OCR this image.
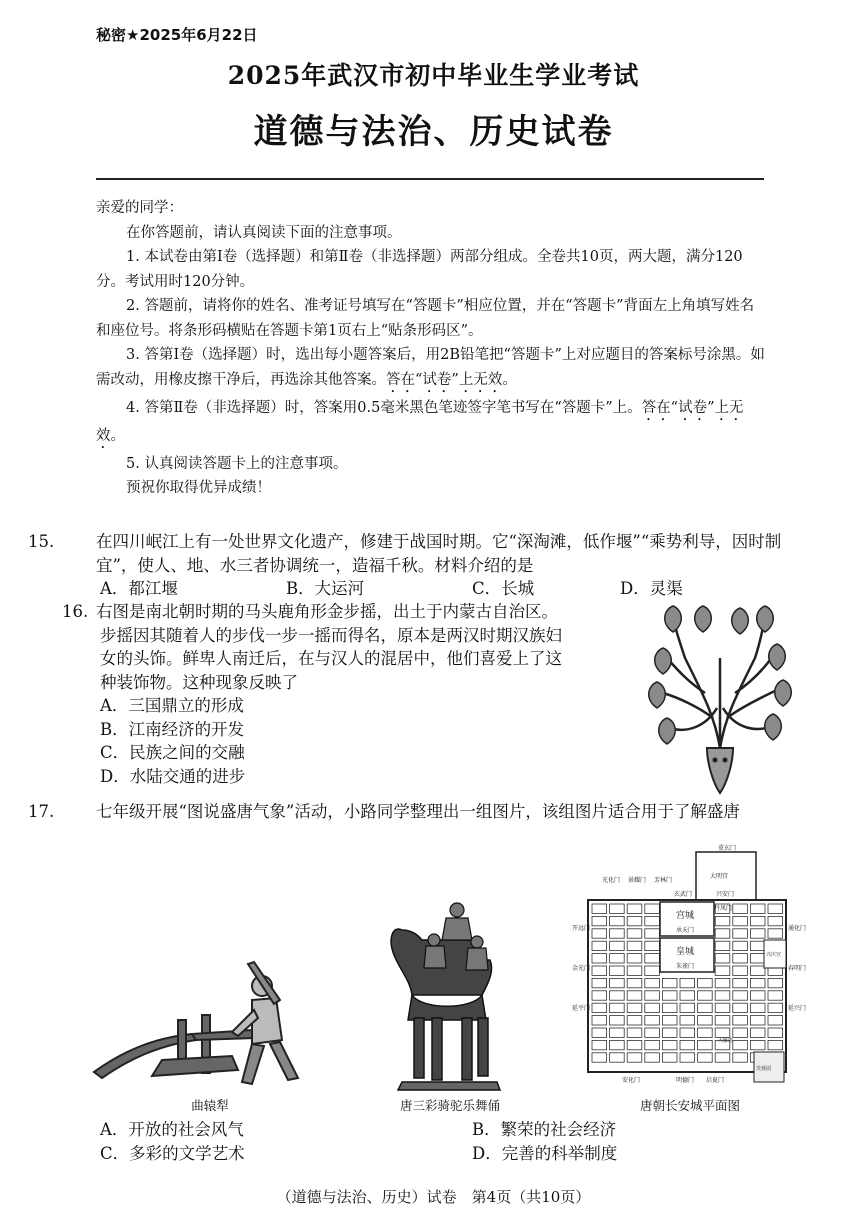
秘密★2025年6月22日
2025年武汉市初中毕业生学业考试
道德与法治、历史试卷

亲爱的同学：

在你答题前，请认真阅读下面的注意事项。

1. 本试卷由第Ⅰ卷（选择题）和第Ⅱ卷（非选择题）两部分组成。全卷共10页，两大题，满分120分。考试用时120分钟。

2. 答题前，请将你的姓名、准考证号填写在“答题卡”相应位置，并在“答题卡”背面左上角填写姓名和座位号。将条形码横贴在答题卡第1页右上“贴条形码区”。

3. 答第Ⅰ卷（选择题）时，选出每小题答案后，用2B铅笔把“答题卡”上对应题目的答案标号涂黑。如需改动，用橡皮擦干净后，再选涂其他答案。答在“试卷”上无效。

4. 答第Ⅱ卷（非选择题）时，答案用0.5毫米黑色笔迹签字笔书写在“答题卡”上。答在“试卷”上无效。

5. 认真阅读答题卡上的注意事项。

预祝你取得优异成绩！

15.	在四川岷江上有一处世界文化遗产，修建于战国时期。它“深淘滩，低作堰”“乘势利导，因时制宜”，使人、地、水三者协调统一，造福千秋。材料介绍的是

A．都江堰	B．大运河	C．长城	D．灵渠

16. 右图是南北朝时期的马头鹿角形金步摇，出土于内蒙古自治区。

步摇因其随着人的步伐一步一摇而得名，原本是两汉时期汉族妇

女的头饰。鲜卑人南迁后，在与汉人的混居中，他们喜爱上了这

种装饰物。这种现象反映了

A．三国鼎立的形成

B．江南经济的开发

C．民族之间的交融

D．水陆交通的进步

17.	七年级开展“图说盛唐气象”活动，小路同学整理出一组图片，该组图片适合用于了解盛唐

曲辕犁	唐三彩骑驼乐舞俑
大明宫
重玄门
玄武门	兴安门
丹凤门
宫城
承天门
皇城
朱雀门
光化门 景耀门 芳林门
开远门
金光门
延平门
通化门
春明门
延兴门
兴庆宫
安化门	明德门 启夏门
芙蓉园
大雁塔
唐朝长安城平面图

A．开放的社会风气	B．繁荣的社会经济

C．多彩的文学艺术	D．完善的科举制度

（道德与法治、历史）试卷　第4页（共10页）
